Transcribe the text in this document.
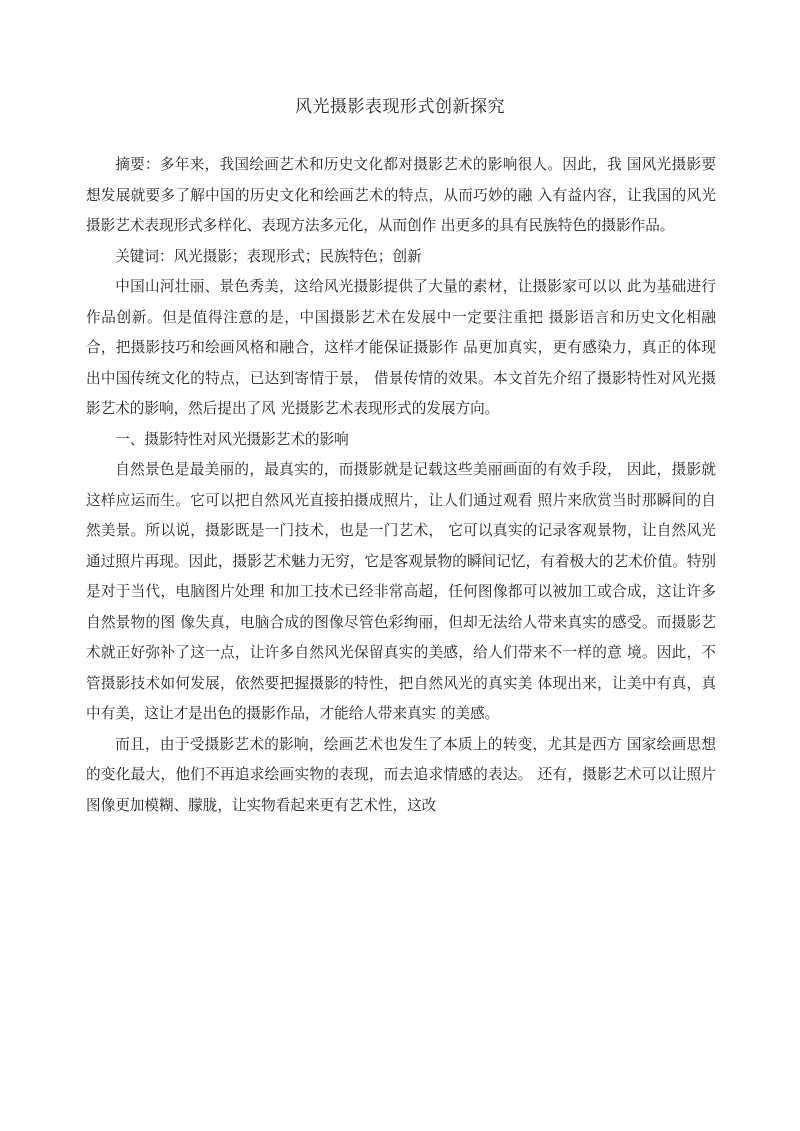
风光摄影表现形式创新探究

摘要：多年来，我国绘画艺术和历史文化都对摄影艺术的影响很人。因此，我 国风光摄影要想发展就要多了解中国的历史文化和绘画艺术的特点，从而巧妙的融 入有益内容，让我国的风光摄影艺术表现形式多样化、表现方法多元化，从而创作 出更多的具有民族特色的摄影作品。

关键词：风光摄影；表现形式；民族特色；创新

中国山河壮丽、景色秀美，这给风光摄影提供了大量的素材，让摄影家可以以 此为基础进行作品创新。但是值得注意的是，中国摄影艺术在发展中一定要注重把 摄影语言和历史文化相融合，把摄影技巧和绘画风格和融合，这样才能保证摄影作 品更加真实，更有感染力，真正的体现出中国传统文化的特点，已达到寄情于景， 借景传情的效果。本文首先介绍了摄影特性对风光摄影艺术的影响，然后提出了风 光摄影艺术表现形式的发展方向。

一、摄影特性对风光摄影艺术的影响

自然景色是最美丽的，最真实的，而摄影就是记载这些美丽画面的有效手段， 因此，摄影就这样应运而生。它可以把自然风光直接拍摄成照片，让人们通过观看 照片来欣赏当时那瞬间的自然美景。所以说，摄影既是一门技术，也是一门艺术， 它可以真实的记录客观景物，让自然风光通过照片再现。因此，摄影艺术魅力无穷，它是客观景物的瞬间记忆，有着极大的艺术价值。特别是对于当代，电脑图片处理 和加工技术已经非常高超，任何图像都可以被加工或合成，这让许多自然景物的图 像失真，电脑合成的图像尽管色彩绚丽，但却无法给人带来真实的感受。而摄影艺 术就正好弥补了这一点，让许多自然风光保留真实的美感，给人们带来不一样的意 境。因此，不管摄影技术如何发展，依然要把握摄影的特性，把自然风光的真实美 体现出来，让美中有真，真中有美，这让才是出色的摄影作品，才能给人带来真实 的美感。

而且，由于受摄影艺术的影响，绘画艺术也发生了本质上的转变，尤其是西方 国家绘画思想的变化最大，他们不再追求绘画实物的表现，而去追求情感的表达。 还有，摄影艺术可以让照片图像更加模糊、朦胧，让实物看起来更有艺术性，这改
